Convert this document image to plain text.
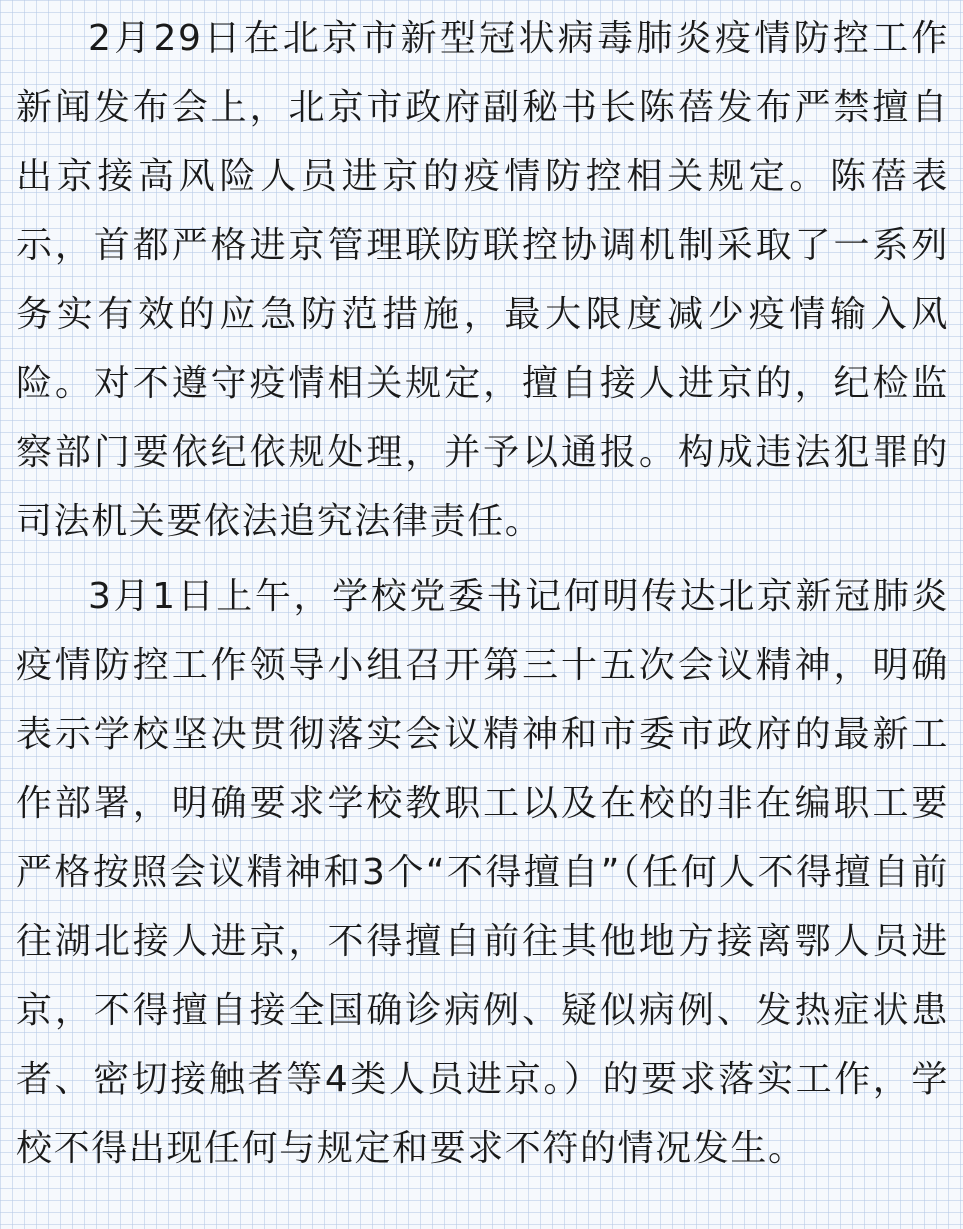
2月29日在北京市新型冠状病毒肺炎疫情防控工作新闻发布会上，北京市政府副秘书长陈蓓发布严禁擅自出京接高风险人员进京的疫情防控相关规定。陈蓓表示，首都严格进京管理联防联控协调机制采取了一系列务实有效的应急防范措施，最大限度减少疫情输入风险。对不遵守疫情相关规定，擅自接人进京的，纪检监察部门要依纪依规处理，并予以通报。构成违法犯罪的司法机关要依法追究法律责任。

3月1日上午，学校党委书记何明传达北京新冠肺炎疫情防控工作领导小组召开第三十五次会议精神，明确表示学校坚决贯彻落实会议精神和市委市政府的最新工作部署，明确要求学校教职工以及在校的非在编职工要严格按照会议精神和3个“不得擅自”（任何人不得擅自前往湖北接人进京，不得擅自前往其他地方接离鄂人员进京，不得擅自接全国确诊病例、疑似病例、发热症状患者、密切接触者等4类人员进京。）的要求落实工作，学校不得出现任何与规定和要求不符的情况发生。
